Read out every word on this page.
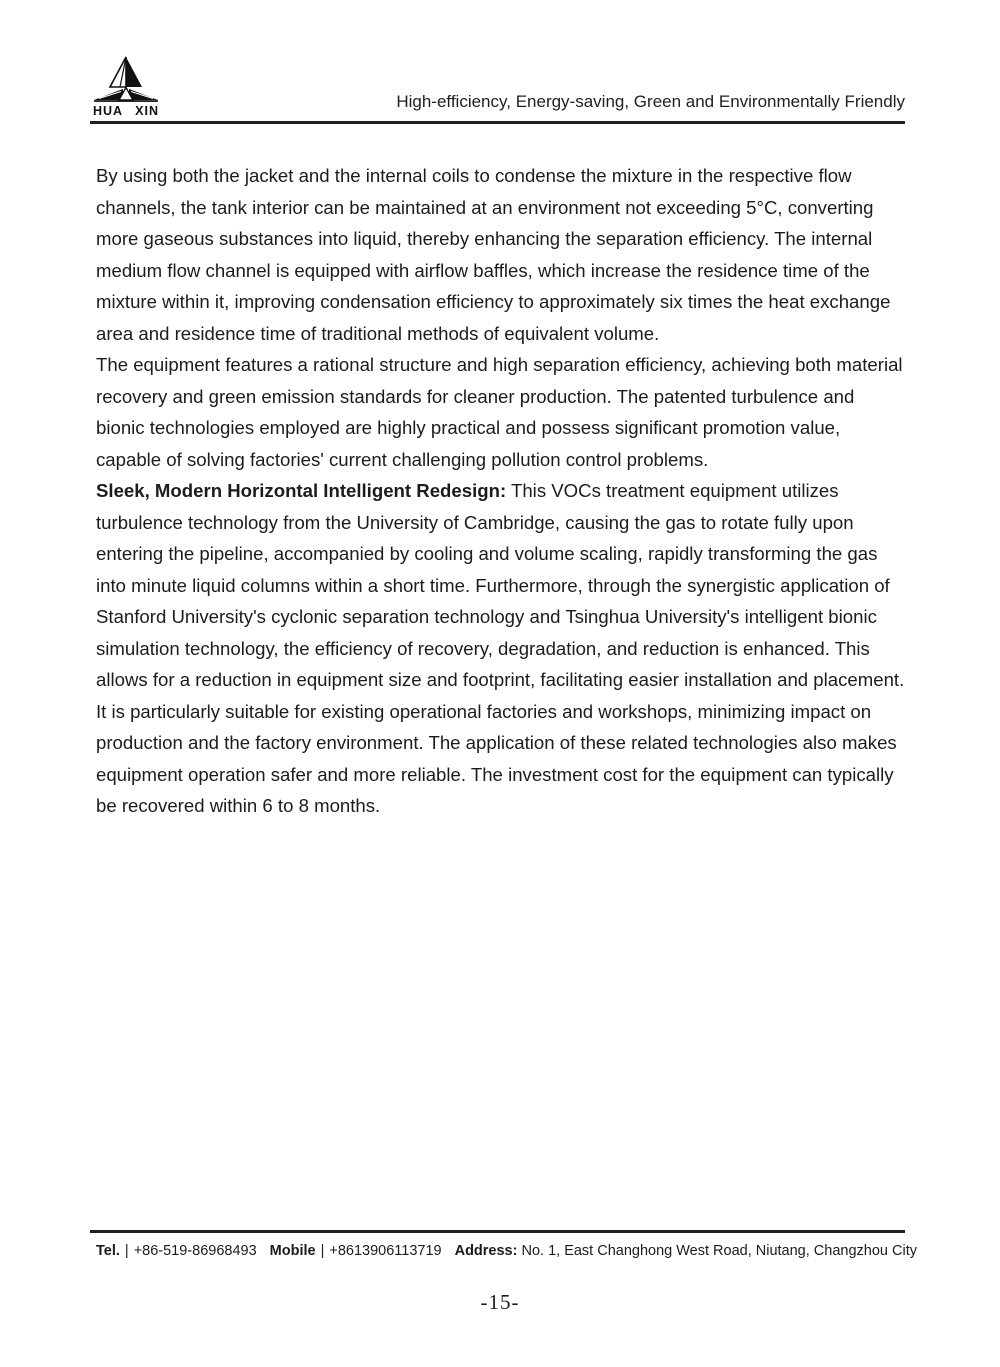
HUA XIN	High-efficiency, Energy-saving, Green and Environmentally Friendly

By using both the jacket and the internal coils to condense the mixture in the respective flow channels, the tank interior can be maintained at an environment not exceeding 5°C, converting more gaseous substances into liquid, thereby enhancing the separation efficiency. The internal medium flow channel is equipped with airflow baffles, which increase the residence time of the mixture within it, improving condensation efficiency to approximately six times the heat exchange area and residence time of traditional methods of equivalent volume.

The equipment features a rational structure and high separation efficiency, achieving both material recovery and green emission standards for cleaner production. The patented turbulence and bionic technologies employed are highly practical and possess significant promotion value, capable of solving factories' current challenging pollution control problems.

Sleek, Modern Horizontal Intelligent Redesign: This VOCs treatment equipment utilizes turbulence technology from the University of Cambridge, causing the gas to rotate fully upon entering the pipeline, accompanied by cooling and volume scaling, rapidly transforming the gas into minute liquid columns within a short time. Furthermore, through the synergistic application of Stanford University's cyclonic separation technology and Tsinghua University's intelligent bionic simulation technology, the efficiency of recovery, degradation, and reduction is enhanced. This allows for a reduction in equipment size and footprint, facilitating easier installation and placement. It is particularly suitable for existing operational factories and workshops, minimizing impact on production and the factory environment. The application of these related technologies also makes equipment operation safer and more reliable. The investment cost for the equipment can typically be recovered within 6 to 8 months.

Tel. | +86-519-86968493 Mobile | +8613906113719 Address: No. 1, East Changhong West Road, Niutang, Changzhou City
-15-
